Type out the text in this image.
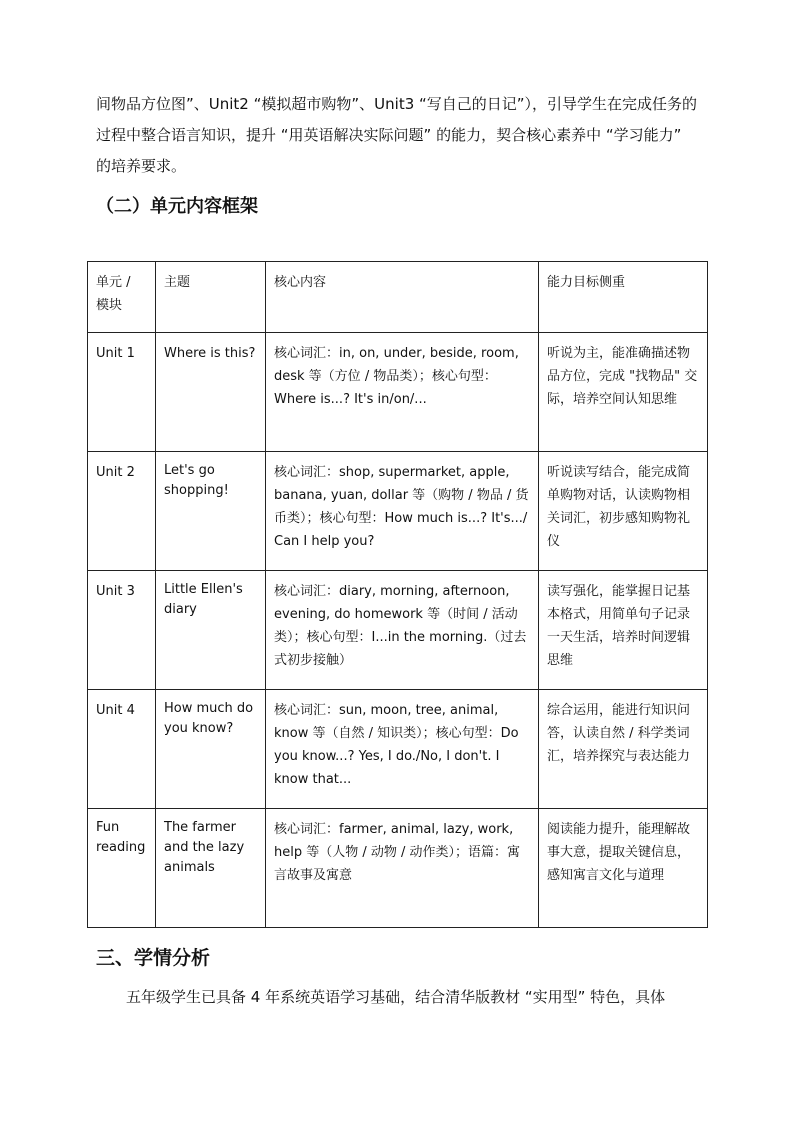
间物品方位图”、Unit2 “模拟超市购物”、Unit3 “写自己的日记”），引导学生在完成任务的过程中整合语言知识，提升 “用英语解决实际问题” 的能力，契合核心素养中 “学习能力” 的培养要求。

（二）单元内容框架
单元 / 模块	主题	核心内容	能力目标侧重
Unit 1	Where is this?	核心词汇：in, on, under, beside, room, desk 等（方位 / 物品类）；核心句型：Where is...? It's in/on/...	听说为主，能准确描述物品方位，完成 "找物品" 交际，培养空间认知思维
Unit 2	Let's go shopping!	核心词汇：shop, supermarket, apple, banana, yuan, dollar 等（购物 / 物品 / 货币类）；核心句型：How much is...? It's.../ Can I help you?	听说读写结合，能完成简单购物对话，认读购物相关词汇，初步感知购物礼仪
Unit 3	Little Ellen's diary	核心词汇：diary, morning, afternoon, evening, do homework 等（时间 / 活动类）；核心句型：I...in the morning.（过去式初步接触）	读写强化，能掌握日记基本格式，用简单句子记录一天生活，培养时间逻辑思维
Unit 4	How much do you know?	核心词汇：sun, moon, tree, animal, know 等（自然 / 知识类）；核心句型：Do you know...? Yes, I do./No, I don't. I know that...	综合运用，能进行知识问答，认读自然 / 科学类词汇，培养探究与表达能力
Fun reading	The farmer and the lazy animals	核心词汇：farmer, animal, lazy, work, help 等（人物 / 动物 / 动作类）；语篇：寓言故事及寓意	阅读能力提升，能理解故事大意，提取关键信息，感知寓言文化与道理
三、学情分析

五年级学生已具备 4 年系统英语学习基础，结合清华版教材 “实用型” 特色，具体
